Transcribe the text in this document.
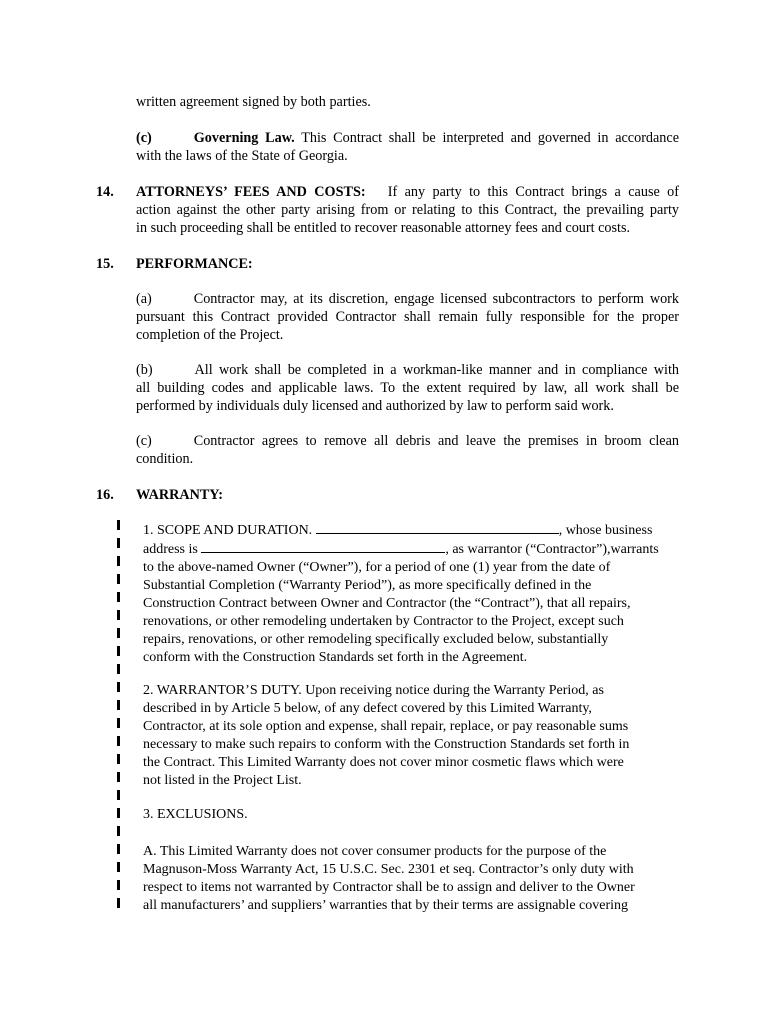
written agreement signed by both parties.

(c)	Governing Law. This Contract shall be interpreted and governed in accordance
with the laws of the State of Georgia.
14. ATTORNEYS’ FEES AND COSTS: If any party to this Contract brings a cause of
action against the other party arising from or relating to this Contract, the prevailing party
in such proceeding shall be entitled to recover reasonable attorney fees and court costs.
15. PERFORMANCE:
(a)	Contractor may, at its discretion, engage licensed subcontractors to perform work
pursuant this Contract provided Contractor shall remain fully responsible for the proper
completion of the Project.
(b)	All work shall be completed in a workman-like manner and in compliance with
all building codes and applicable laws. To the extent required by law, all work shall be
performed by individuals duly licensed and authorized by law to perform said work.
(c)	Contractor agrees to remove all debris and leave the premises in broom clean
condition.
16. WARRANTY:
1. SCOPE AND DURATION.	, whose business
address is	, as warrantor (“Contractor”),warrants
to the above-named Owner (“Owner”), for a period of one (1) year from the date of
Substantial Completion (“Warranty Period”), as more specifically defined in the
Construction Contract between Owner and Contractor (the “Contract”), that all repairs,
renovations, or other remodeling undertaken by Contractor to the Project, except such
repairs, renovations, or other remodeling specifically excluded below, substantially
conform with the Construction Standards set forth in the Agreement.
2. WARRANTOR’S DUTY. Upon receiving notice during the Warranty Period, as
described in by Article 5 below, of any defect covered by this Limited Warranty,
Contractor, at its sole option and expense, shall repair, replace, or pay reasonable sums
necessary to make such repairs to conform with the Construction Standards set forth in
the Contract. This Limited Warranty does not cover minor cosmetic flaws which were
not listed in the Project List.
3. EXCLUSIONS.
A. This Limited Warranty does not cover consumer products for the purpose of the
Magnuson-Moss Warranty Act, 15 U.S.C. Sec. 2301 et seq. Contractor’s only duty with
respect to items not warranted by Contractor shall be to assign and deliver to the Owner
all manufacturers’ and suppliers’ warranties that by their terms are assignable covering
